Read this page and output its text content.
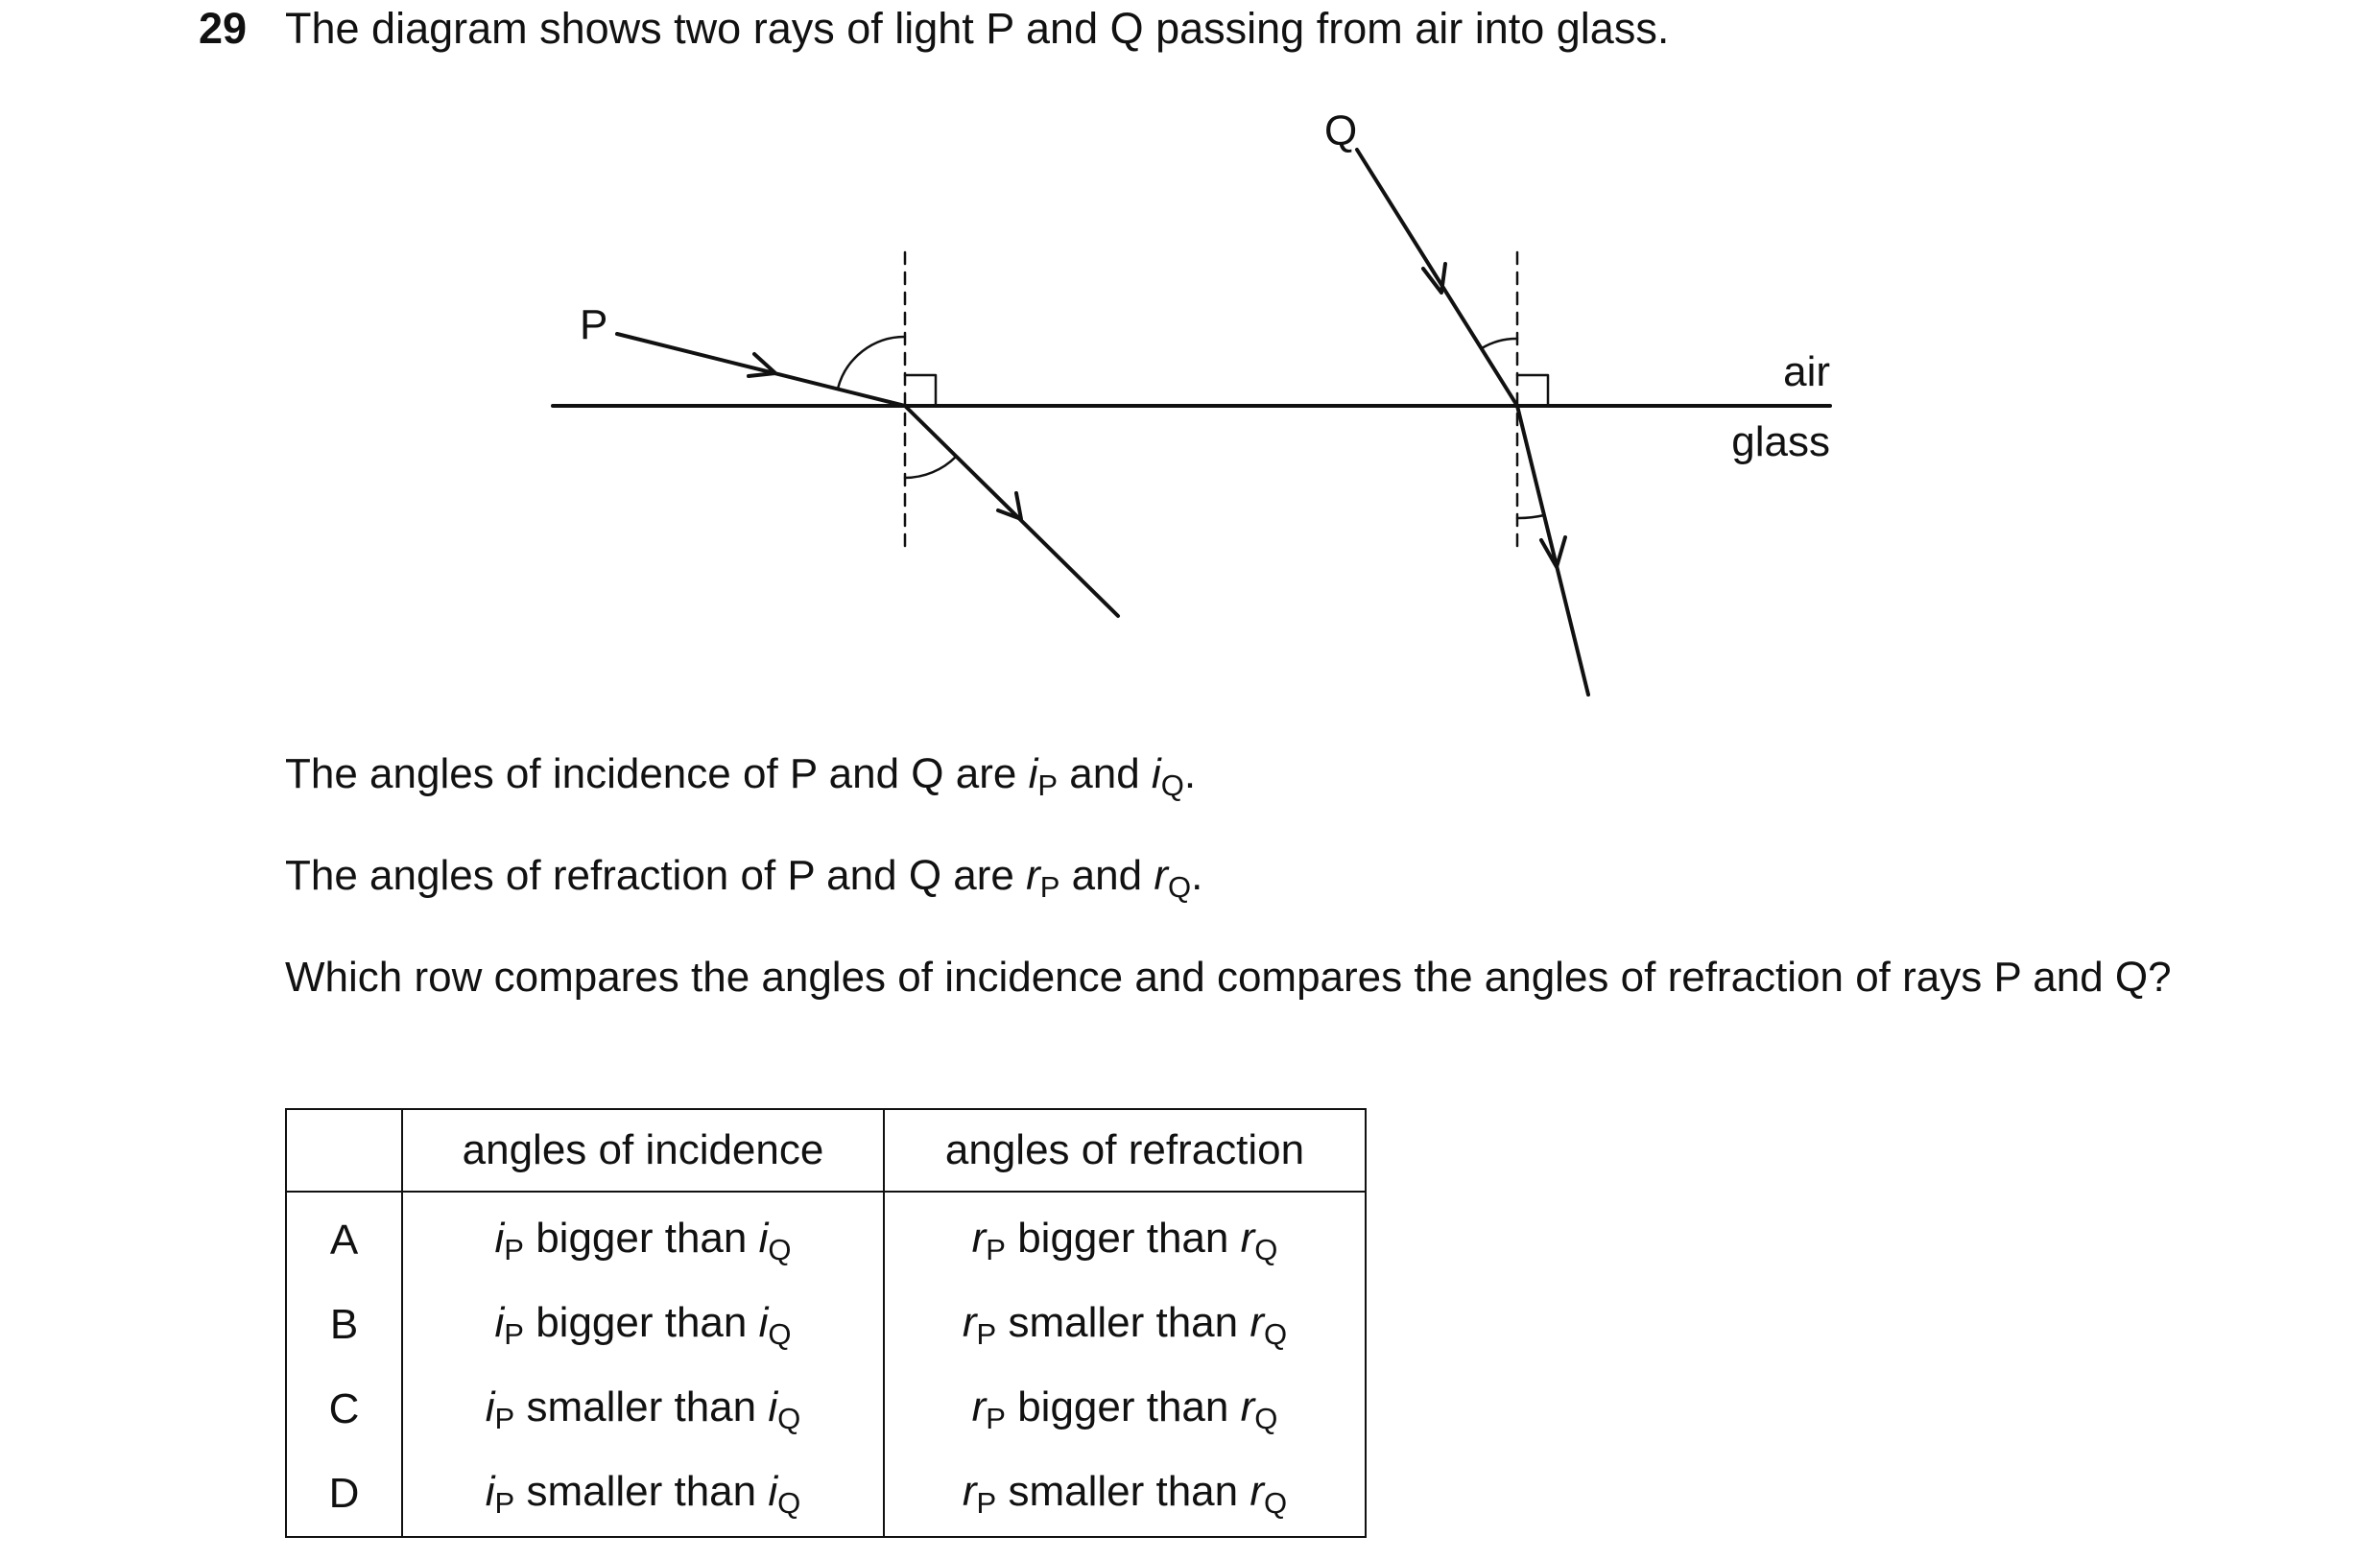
29 The diagram shows two rays of light P and Q passing from air into glass.
P
Q
air
glass
The angles of incidence of P and Q are $i_P$ and $i_Q$.
The angles of refraction of P and Q are $r_P$ and $r_Q$.
Which row compares the angles of incidence and compares the angles of refraction of rays P and Q?
	angles of incidence	angles of refraction
A	$i_P$ bigger than $i_Q$	$r_P$ bigger than $r_Q$
B	$i_P$ bigger than $i_Q$	$r_P$ smaller than $r_Q$
C	$i_P$ smaller than $i_Q$	$r_P$ bigger than $r_Q$
D	$i_P$ smaller than $i_Q$	$r_P$ smaller than $r_Q$
